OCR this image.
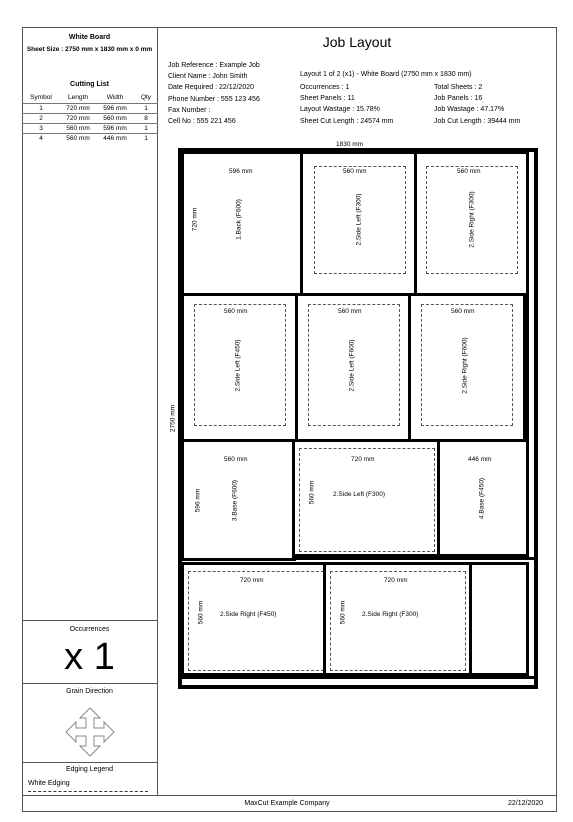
White Board
Sheet Size : 2750 mm x 1830 mm x 0 mm
Cutting List
Symbol	Length	Width	Qty
1	720 mm	596 mm	1
2	720 mm	560 mm	8
3	560 mm	596 mm	1
4	560 mm	446 mm	1
Occurrences
x 1
Grain Direction
Edging Legend
White Edging
Job Layout
Job Reference : Example Job
Client Name : John Smith
Date Required : 22/12/2020
Phone Number : 555 123 456
Fax Number :
Cell No : 555 221 456
Layout 1 of 2 (x1) - White Board (2750 mm x 1830 mm)
Occurrences : 1
Sheet Panels : 11
Layout Wastage : 15.78%
Sheet Cut Length : 24574 mm
Total Sheets : 2
Job Panels : 16
Job Wastage : 47.17%
Job Cut Length : 39444 mm
1830 mm
2750 mm
596 mm
720 mm	1.Back (F600)
560 mm
2.Side Left (F300)
560 mm
2.Side Right (F300)
560 mm
2.Side Left (F450)
560 mm
2.Side Left (F600)
560 mm
2.Side Right (F600)
560 mm
596 mm	3.Base (F600)
720 mm
560 mm	2.Side Left (F300)
446 mm
4.Base (F450)
720 mm
560 mm 2.Side Right (F450)
720 mm
560 mm 2.Side Right (F300)
MaxCut Example Company	22/12/2020
